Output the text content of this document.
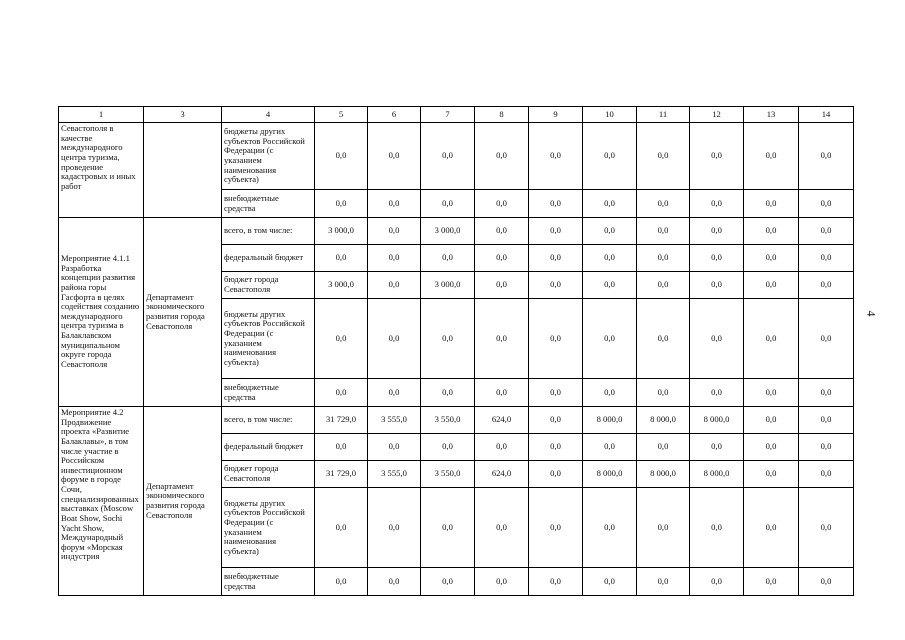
1	3	4	5	6	7	8	9	10	11	12	13	14
Севастополя в качестве международного центра туризма, проведение кадастровых и иных работ		бюджеты других субъектов Российской Федерации (с указанием наименования субъекта)	0,0	0,0	0,0	0,0	0,0	0,0	0,0	0,0	0,0	0,0
		внебюджетные средства	0,0	0,0	0,0	0,0	0,0	0,0	0,0	0,0	0,0	0,0
Мероприятие 4.1.1 Разработка концепции развития района горы Гасфорта в целях содействия созданию международного центра туризма в Балаклавском муниципальном округе города Севастополя	Департамент экономического развития города Севастополя	всего, в том числе:	3 000,0	0,0	3 000,0	0,0	0,0	0,0	0,0	0,0	0,0	0,0
		федеральный бюджет	0,0	0,0	0,0	0,0	0,0	0,0	0,0	0,0	0,0	0,0
		бюджет города Севастополя	3 000,0	0,0	3 000,0	0,0	0,0	0,0	0,0	0,0	0,0	0,0
		бюджеты других субъектов Российской Федерации (с указанием наименования субъекта)	0,0	0,0	0,0	0,0	0,0	0,0	0,0	0,0	0,0	0,0
		внебюджетные средства	0,0	0,0	0,0	0,0	0,0	0,0	0,0	0,0	0,0	0,0
Мероприятие 4.2 Продвижение проекта «Развитие Балаклавы», в том числе участие в Российском инвестиционном форуме в городе Сочи, специализированных выставках (Moscow Boat Show, Sochi Yacht Show, Международный форум «Морская индустрия	Департамент экономического развития города Севастополя	всего, в том числе:	31 729,0	3 555,0	3 550,0	624,0	0,0	8 000,0	8 000,0	8 000,0	0,0	0,0
		федеральный бюджет	0,0	0,0	0,0	0,0	0,0	0,0	0,0	0,0	0,0	0,0
		бюджет города Севастополя	31 729,0	3 555,0	3 550,0	624,0	0,0	8 000,0	8 000,0	8 000,0	0,0	0,0
		бюджеты других субъектов Российской Федерации (с указанием наименования субъекта)	0,0	0,0	0,0	0,0	0,0	0,0	0,0	0,0	0,0	0,0
		внебюджетные средства	0,0	0,0	0,0	0,0	0,0	0,0	0,0	0,0	0,0	0,0
4
